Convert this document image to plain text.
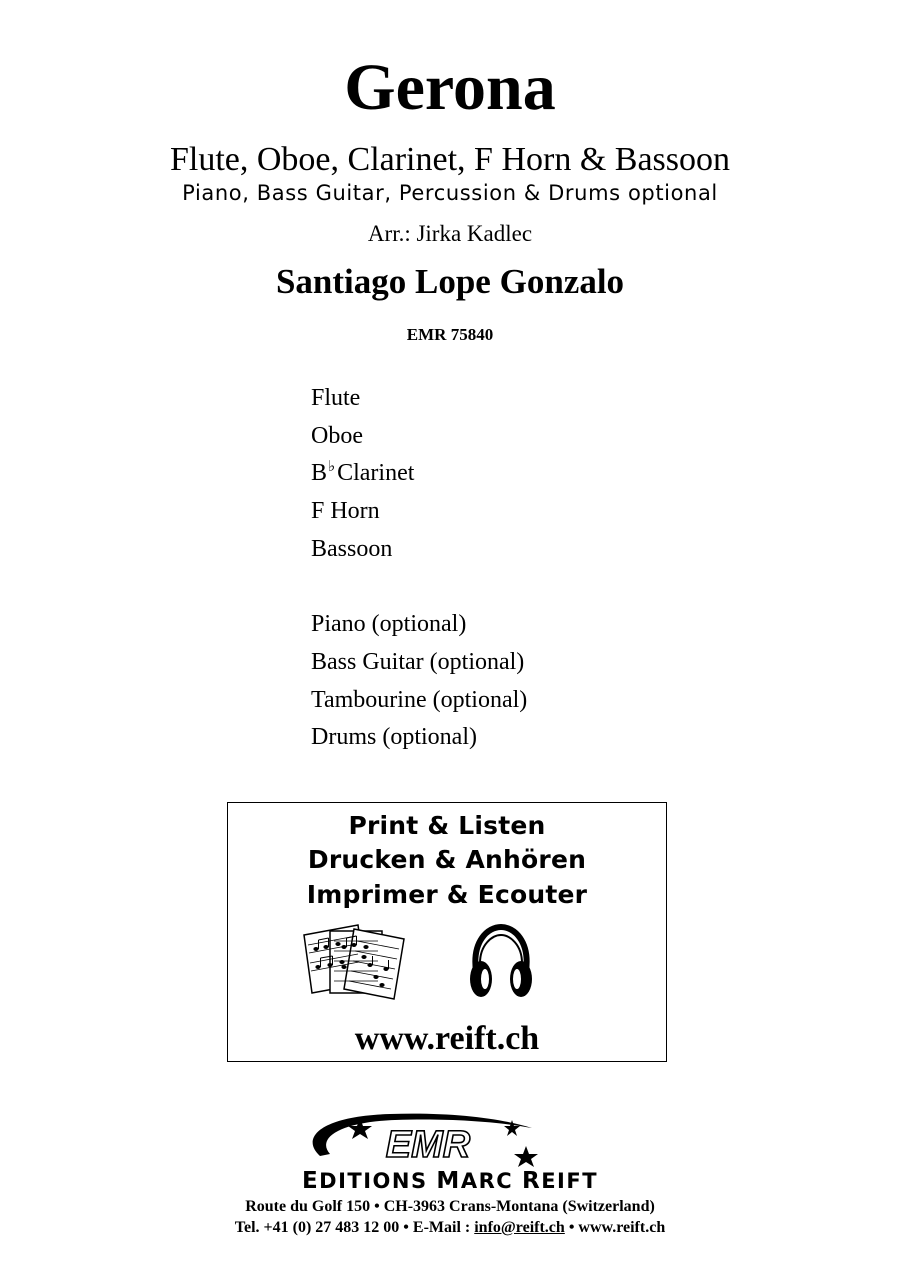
Gerona
Flute, Oboe, Clarinet, F Horn & Bassoon
Piano, Bass Guitar, Percussion & Drums optional
Arr.: Jirka Kadlec
Santiago Lope Gonzalo
EMR 75840
Flute
Oboe
B♭Clarinet
F Horn
Bassoon
Piano (optional)
Bass Guitar (optional)
Tambourine (optional)
Drums (optional)
Print & Listen
Drucken & Anhören
Imprimer & Ecouter
www.reift.ch
EMR
EDITIONS MARC REIFT
Route du Golf 150 • CH-3963 Crans-Montana (Switzerland)
Tel. +41 (0) 27 483 12 00 • E-Mail : info@reift.ch • www.reift.ch
